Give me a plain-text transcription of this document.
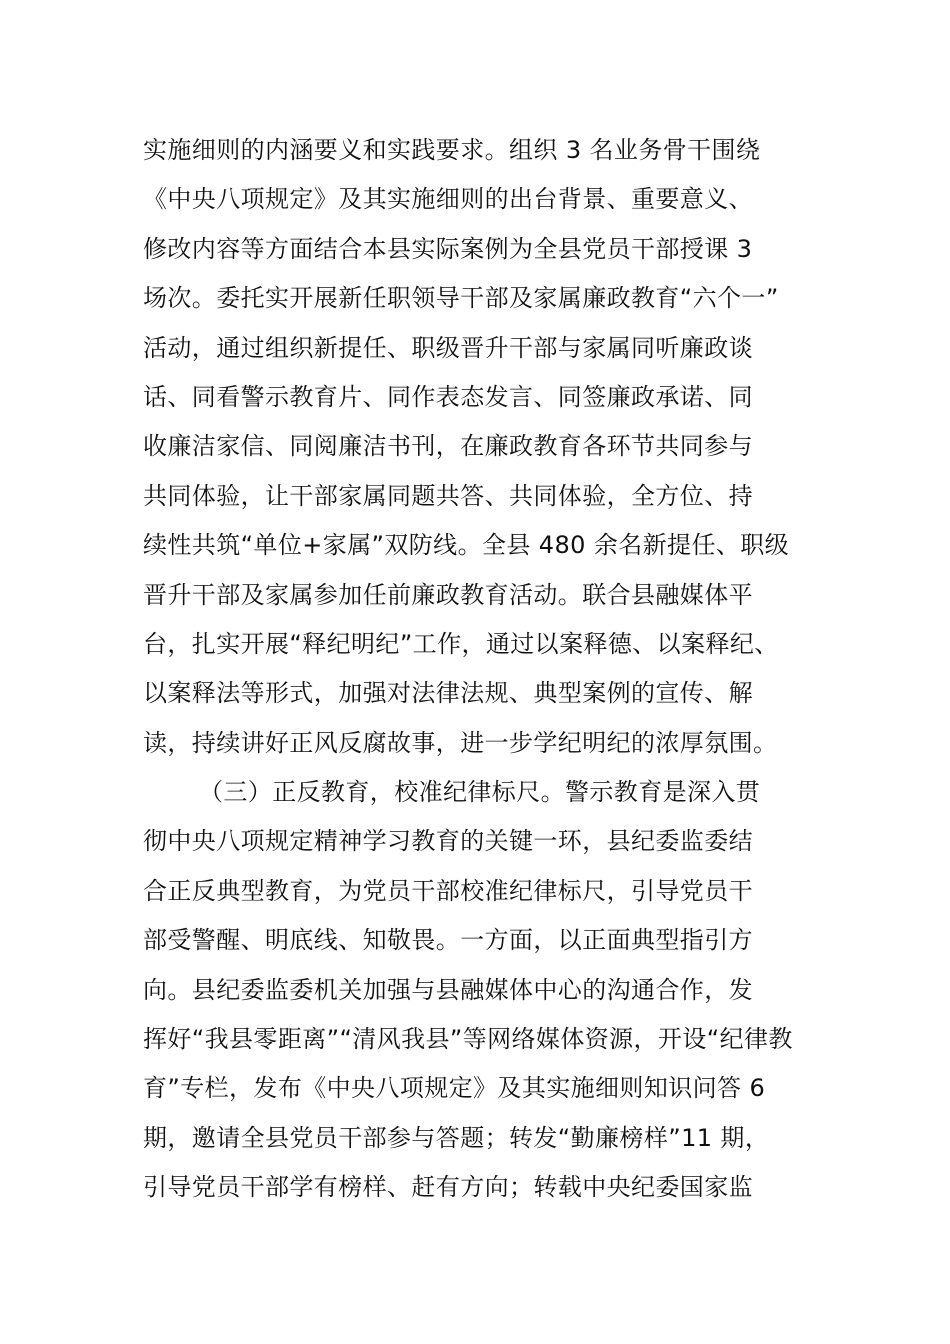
实施细则的内涵要义和实践要求。组织 3 名业务骨干围绕
《中央八项规定》及其实施细则的出台背景、重要意义、
修改内容等方面结合本县实际案例为全县党员干部授课 3
场次。委托实开展新任职领导干部及家属廉政教育“六个一”
活动，通过组织新提任、职级晋升干部与家属同听廉政谈
话、同看警示教育片、同作表态发言、同签廉政承诺、同
收廉洁家信、同阅廉洁书刊，在廉政教育各环节共同参与
共同体验，让干部家属同题共答、共同体验，全方位、持
续性共筑“单位+家属”双防线。全县 480 余名新提任、职级
晋升干部及家属参加任前廉政教育活动。联合县融媒体平
台，扎实开展“释纪明纪”工作，通过以案释德、以案释纪、
以案释法等形式，加强对法律法规、典型案例的宣传、解
读，持续讲好正风反腐故事，进一步学纪明纪的浓厚氛围。
（三）正反教育，校准纪律标尺。警示教育是深入贯
彻中央八项规定精神学习教育的关键一环，县纪委监委结
合正反典型教育，为党员干部校准纪律标尺，引导党员干
部受警醒、明底线、知敬畏。一方面，以正面典型指引方
向。县纪委监委机关加强与县融媒体中心的沟通合作，发
挥好“我县零距离”“清风我县”等网络媒体资源，开设“纪律教
育”专栏，发布《中央八项规定》及其实施细则知识问答 6
期，邀请全县党员干部参与答题；转发“勤廉榜样”11 期，
引导党员干部学有榜样、赶有方向；转载中央纪委国家监
